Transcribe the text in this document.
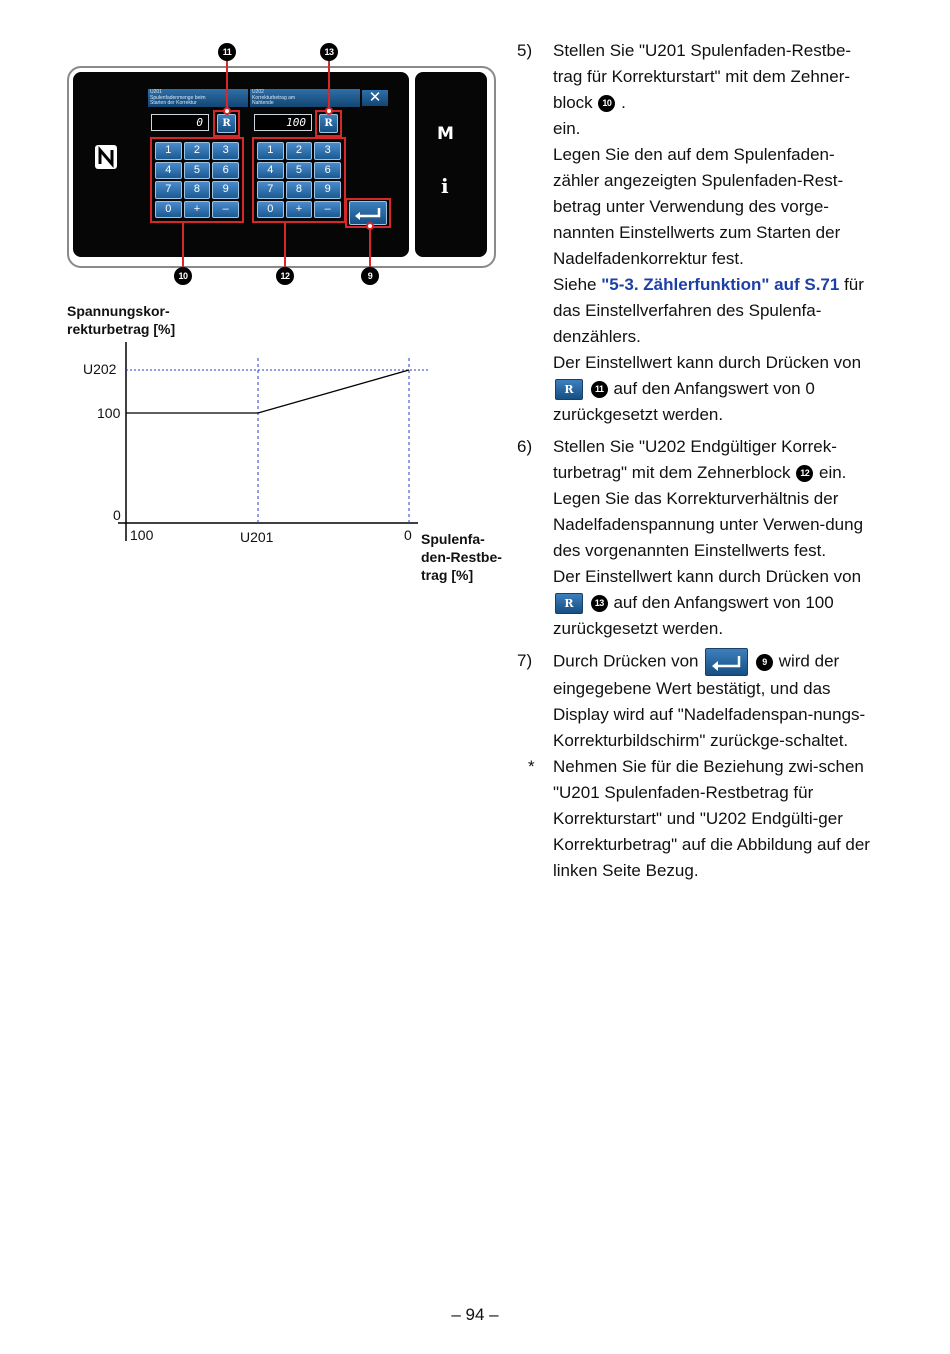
M
i
U201
Spulenfadenmenge beim
Starten der Korrektur
U202
Korrekturbetrag am
Nahtende	✕
0	100
R	R
1	2	3
4	5	6
7	8	9
0	+	–
1	2	3
4	5	6
7	8	9
0	+	–
11	13
10	12	9
Spannungskor-
rekturbetrag [%]
U202
100
0
100	U201	0 Spulenfa-
den-Restbe-
trag [%]
5) Stellen Sie "U201 Spulenfaden-Restbe-trag für Korrekturstart" mit dem Zehner-block 10 .
ein.
Legen Sie den auf dem Spulenfaden-zähler angezeigten Spulenfaden-Rest-betrag unter Verwendung des vorge-nannten Einstellwerts zum Starten der Nadelfadenkorrektur fest.
Siehe "5-3. Zählerfunktion" auf S.71 für das Einstellverfahren des Spulenfa-denzählers.
Der Einstellwert kann durch Drücken von R 11 auf den Anfangswert von 0 zurückgesetzt werden.
6) Stellen Sie "U202 Endgültiger Korrek-turbetrag" mit dem Zehnerblock 12 ein.
Legen Sie das Korrekturverhältnis der Nadelfadenspannung unter Verwen-dung des vorgenannten Einstellwerts fest.
Der Einstellwert kann durch Drücken von R 13 auf den Anfangswert von 100 zurückgesetzt werden.
7) Durch Drücken von	9 wird der eingegebene Wert bestätigt, und das Display wird auf "Nadelfadenspan-nungs-Korrekturbildschirm" zurückge-schaltet.
* Nehmen Sie für die Beziehung zwi-schen "U201 Spulenfaden-Restbetrag für Korrekturstart" und "U202 Endgülti-ger Korrekturbetrag" auf die Abbildung auf der linken Seite Bezug.
– 94 –
